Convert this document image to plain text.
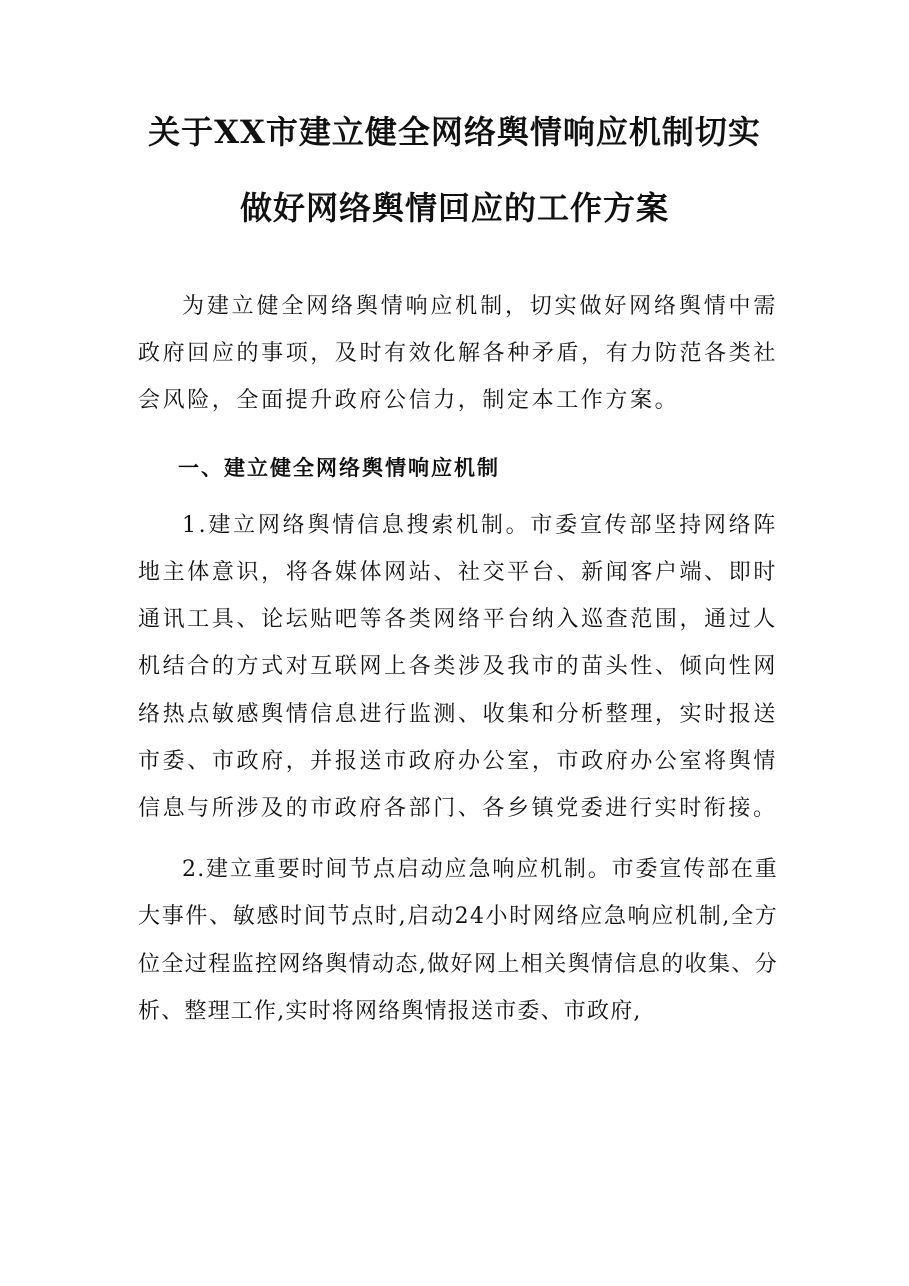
关于XX市建立健全网络舆情响应机制切实
做好网络舆情回应的工作方案

为建立健全网络舆情响应机制，切实做好网络舆情中需政府回应的事项，及时有效化解各种矛盾，有力防范各类社会风险，全面提升政府公信力，制定本工作方案。

一、建立健全网络舆情响应机制

1.建立网络舆情信息搜索机制。市委宣传部坚持网络阵地主体意识，将各媒体网站、社交平台、新闻客户端、即时通讯工具、论坛贴吧等各类网络平台纳入巡查范围，通过人机结合的方式对互联网上各类涉及我市的苗头性、倾向性网络热点敏感舆情信息进行监测、收集和分析整理，实时报送市委、市政府，并报送市政府办公室，市政府办公室将舆情信息与所涉及的市政府各部门、各乡镇党委进行实时衔接。

2.建立重要时间节点启动应急响应机制。市委宣传部在重大事件、敏感时间节点时,启动24小时网络应急响应机制,全方位全过程监控网络舆情动态,做好网上相关舆情信息的收集、分析、整理工作,实时将网络舆情报送市委、市政府,
